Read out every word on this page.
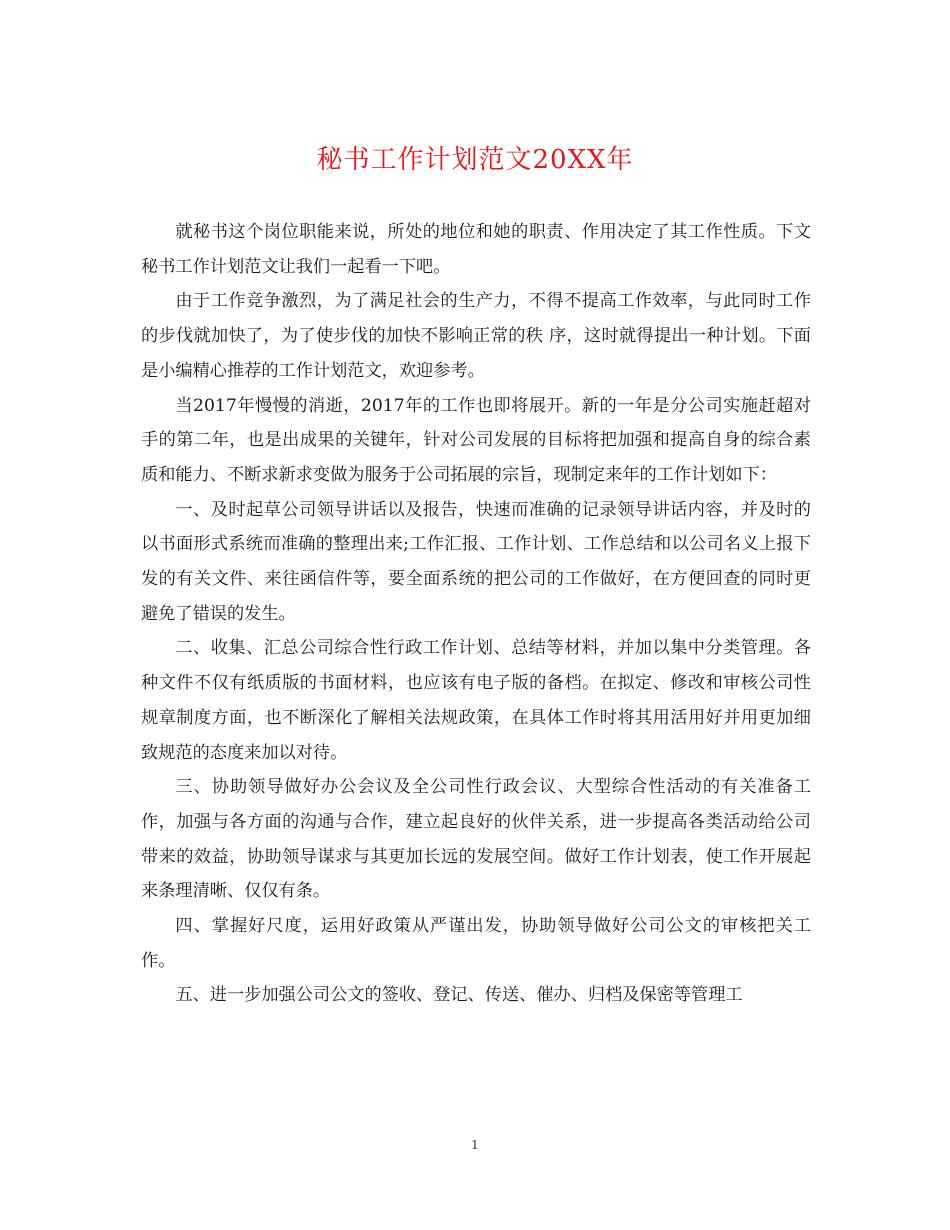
秘书工作计划范文20XX年

就秘书这个岗位职能来说，所处的地位和她的职责、作用决定了其工作性质。下文秘书工作计划范文让我们一起看一下吧。

由于工作竞争激烈，为了满足社会的生产力，不得不提高工作效率，与此同时工作的步伐就加快了，为了使步伐的加快不影响正常的秩 序，这时就得提出一种计划。下面是小编精心推荐的工作计划范文，欢迎参考。

当2017年慢慢的消逝，2017年的工作也即将展开。新的一年是分公司实施赶超对手的第二年，也是出成果的关键年，针对公司发展的目标将把加强和提高自身的综合素质和能力、不断求新求变做为服务于公司拓展的宗旨，现制定来年的工作计划如下：

一、及时起草公司领导讲话以及报告，快速而准确的记录领导讲话内容，并及时的以书面形式系统而准确的整理出来;工作汇报、工作计划、工作总结和以公司名义上报下发的有关文件、来往函信件等，要全面系统的把公司的工作做好，在方便回查的同时更避免了错误的发生。

二、收集、汇总公司综合性行政工作计划、总结等材料，并加以集中分类管理。各种文件不仅有纸质版的书面材料，也应该有电子版的备档。在拟定、修改和审核公司性规章制度方面，也不断深化了解相关法规政策，在具体工作时将其用活用好并用更加细致规范的态度来加以对待。

三、协助领导做好办公会议及全公司性行政会议、大型综合性活动的有关准备工作，加强与各方面的沟通与合作，建立起良好的伙伴关系，进一步提高各类活动给公司带来的效益，协助领导谋求与其更加长远的发展空间。做好工作计划表，使工作开展起来条理清晰、仅仅有条。

四、掌握好尺度，运用好政策从严谨出发，协助领导做好公司公文的审核把关工作。

五、进一步加强公司公文的签收、登记、传送、催办、归档及保密等管理工

1
